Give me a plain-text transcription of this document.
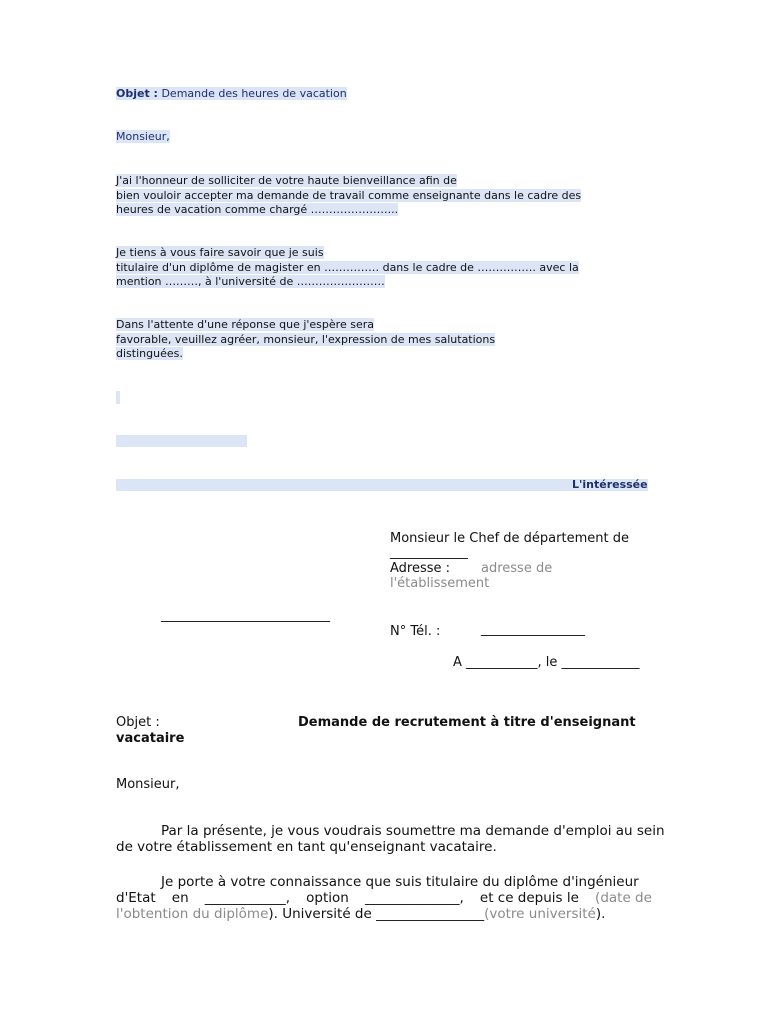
Objet : Demande des heures de vacation
Monsieur,
J'ai l'honneur de solliciter de votre haute bienveillance afin de
bien vouloir accepter ma demande de travail comme enseignante dans le cadre des
heures de vacation comme chargé …………………...
Je tiens à vous faire savoir que je suis
titulaire d'un diplôme de magister en …………… dans le cadre de ……………. avec la
mention ………, à l'université de ……………………
Dans l'attente d'une réponse que j'espère sera
favorable, veuillez agréer, monsieur, l'expression de mes salutations
distinguées.
L'intéressée
Monsieur le Chef de département de
____________
Adresse : adresse de
l'établissement
__________________________
N° Tél. :	________________
A ___________, le ____________
Objet :	Demande de recrutement à titre d'enseignant
vacataire
Monsieur,
Par la présente, je vous voudrais soumettre ma demande d'emploi au sein
de votre établissement en tant qu'enseignant vacataire.
Je porte à votre connaissance que suis titulaire du diplôme d'ingénieur
d'Etat en ____________, option ______________, et ce depuis le (date de
l'obtention du diplôme). Université de ________________(votre université).
